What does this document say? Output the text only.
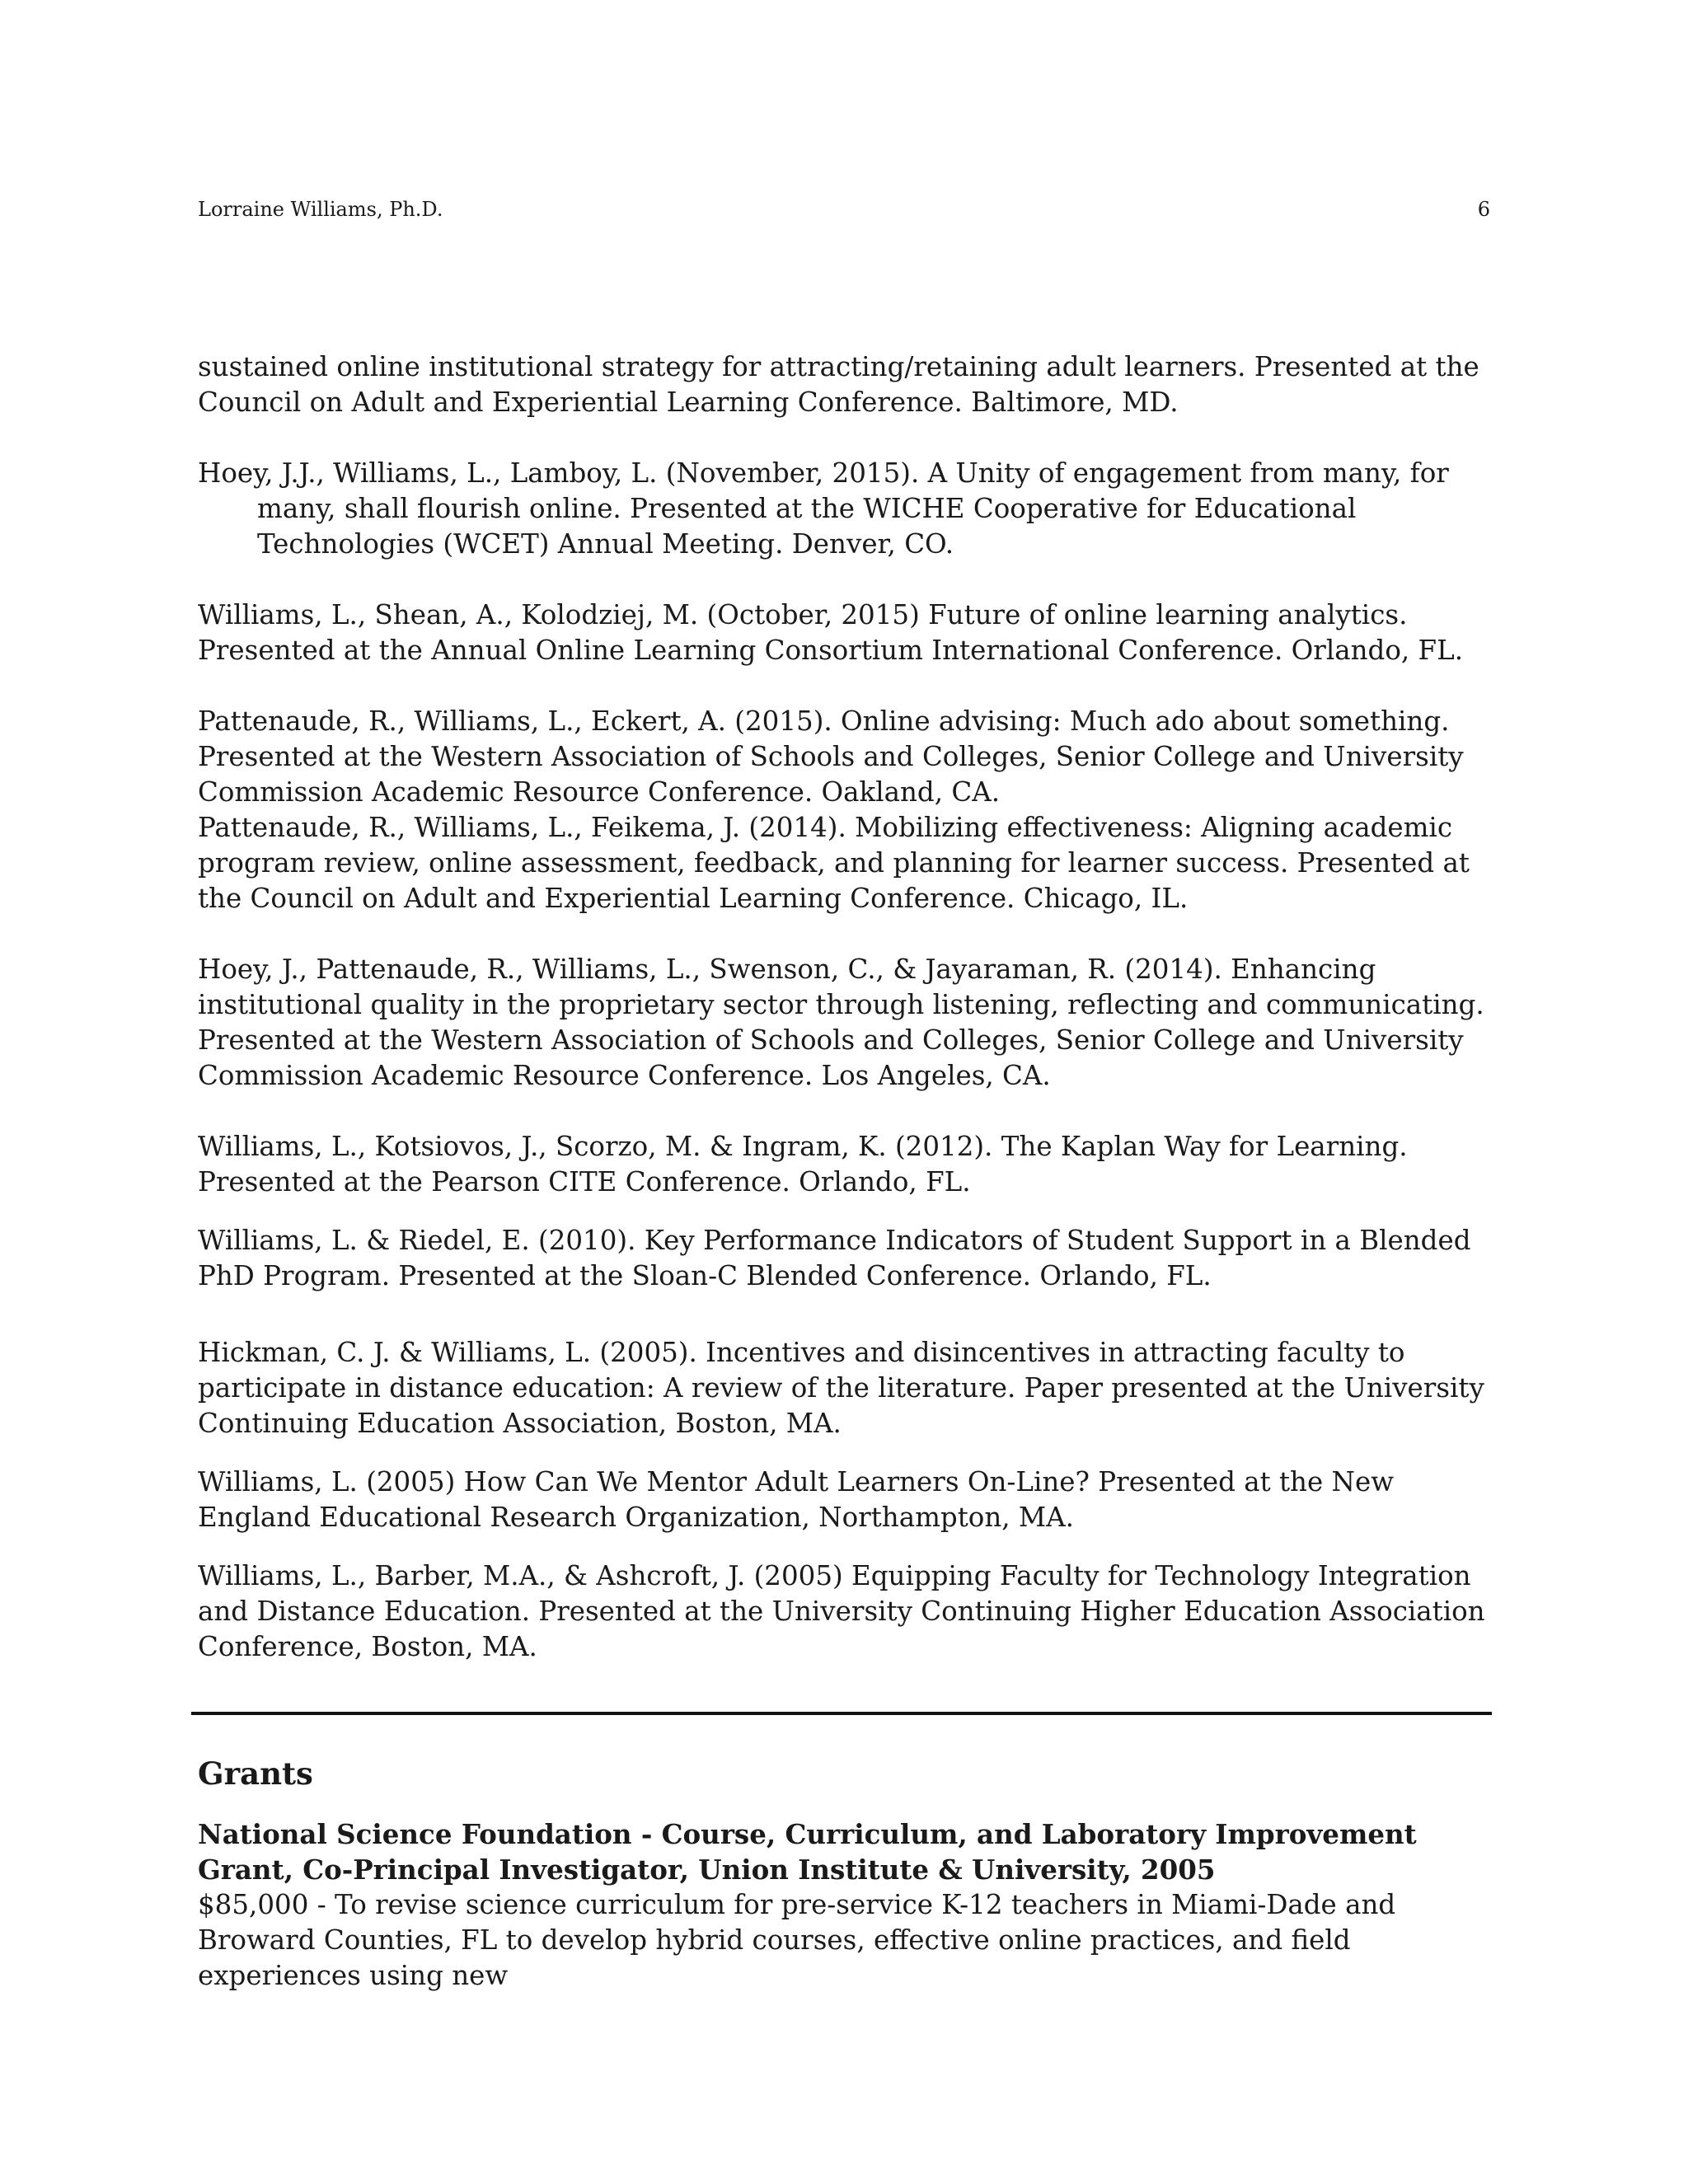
Lorraine Williams, Ph.D.	6

sustained online institutional strategy for attracting/retaining adult learners. Presented at the Council on Adult and Experiential Learning Conference. Baltimore, MD.

Hoey, J.J., Williams, L., Lamboy, L. (November, 2015). A Unity of engagement from many, for many, shall flourish online. Presented at the WICHE Cooperative for Educational Technologies (WCET) Annual Meeting. Denver, CO.

Williams, L., Shean, A., Kolodziej, M. (October, 2015) Future of online learning analytics. Presented at the Annual Online Learning Consortium International Conference. Orlando, FL.

Pattenaude, R., Williams, L., Eckert, A. (2015). Online advising: Much ado about something. Presented at the Western Association of Schools and Colleges, Senior College and University Commission Academic Resource Conference. Oakland, CA.

Pattenaude, R., Williams, L., Feikema, J. (2014). Mobilizing effectiveness: Aligning academic program review, online assessment, feedback, and planning for learner success. Presented at the Council on Adult and Experiential Learning Conference. Chicago, IL.

Hoey, J., Pattenaude, R., Williams, L., Swenson, C., & Jayaraman, R. (2014). Enhancing institutional quality in the proprietary sector through listening, reflecting and communicating. Presented at the Western Association of Schools and Colleges, Senior College and University Commission Academic Resource Conference. Los Angeles, CA.

Williams, L., Kotsiovos, J., Scorzo, M. & Ingram, K. (2012). The Kaplan Way for Learning. Presented at the Pearson CITE Conference. Orlando, FL.

Williams, L. & Riedel, E. (2010). Key Performance Indicators of Student Support in a Blended PhD Program. Presented at the Sloan-C Blended Conference. Orlando, FL.

Hickman, C. J. & Williams, L. (2005). Incentives and disincentives in attracting faculty to participate in distance education: A review of the literature. Paper presented at the University Continuing Education Association, Boston, MA.

Williams, L. (2005) How Can We Mentor Adult Learners On-Line? Presented at the New England Educational Research Organization, Northampton, MA.

Williams, L., Barber, M.A., & Ashcroft, J. (2005) Equipping Faculty for Technology Integration and Distance Education. Presented at the University Continuing Higher Education Association Conference, Boston, MA.

Grants

National Science Foundation - Course, Curriculum, and Laboratory Improvement Grant, Co-Principal Investigator, Union Institute & University, 2005

$85,000 - To revise science curriculum for pre-service K-12 teachers in Miami-Dade and Broward Counties, FL to develop hybrid courses, effective online practices, and field experiences using new
